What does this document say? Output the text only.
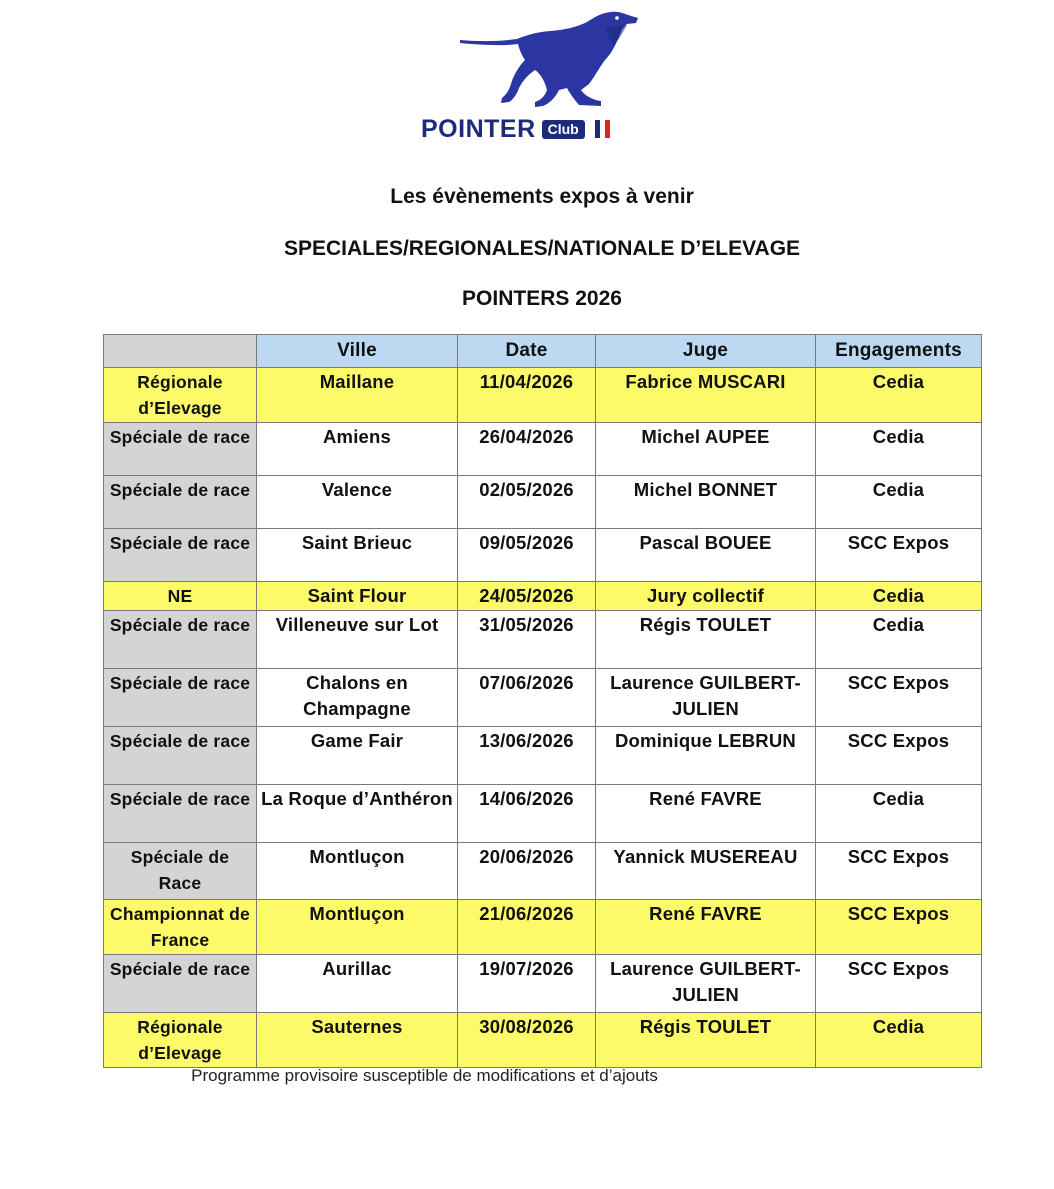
POINTER Club
Les évènements expos à venir
SPECIALES/REGIONALES/NATIONALE D’ELEVAGE
POINTERS 2026
	Ville	Date	Juge	Engagements
Régionale d’Elevage	Maillane	11/04/2026	Fabrice MUSCARI	Cedia
Spéciale de race	Amiens	26/04/2026	Michel AUPEE	Cedia
Spéciale de race	Valence	02/05/2026	Michel BONNET	Cedia
Spéciale de race	Saint Brieuc	09/05/2026	Pascal BOUEE	SCC Expos
NE	Saint Flour	24/05/2026	Jury collectif	Cedia
Spéciale de race	Villeneuve sur Lot	31/05/2026	Régis TOULET	Cedia
Spéciale de race	Chalons en Champagne	07/06/2026	Laurence GUILBERT-JULIEN	SCC Expos
Spéciale de race	Game Fair	13/06/2026	Dominique LEBRUN	SCC Expos
Spéciale de race	La Roque d’Anthéron	14/06/2026	René FAVRE	Cedia
Spéciale de Race	Montluçon	20/06/2026	Yannick MUSEREAU	SCC Expos
Championnat de France	Montluçon	21/06/2026	René FAVRE	SCC Expos
Spéciale de race	Aurillac	19/07/2026	Laurence GUILBERT-JULIEN	SCC Expos
Régionale d’Elevage	Sauternes	30/08/2026	Régis TOULET	Cedia
Programme provisoire susceptible de modifications et d’ajouts
